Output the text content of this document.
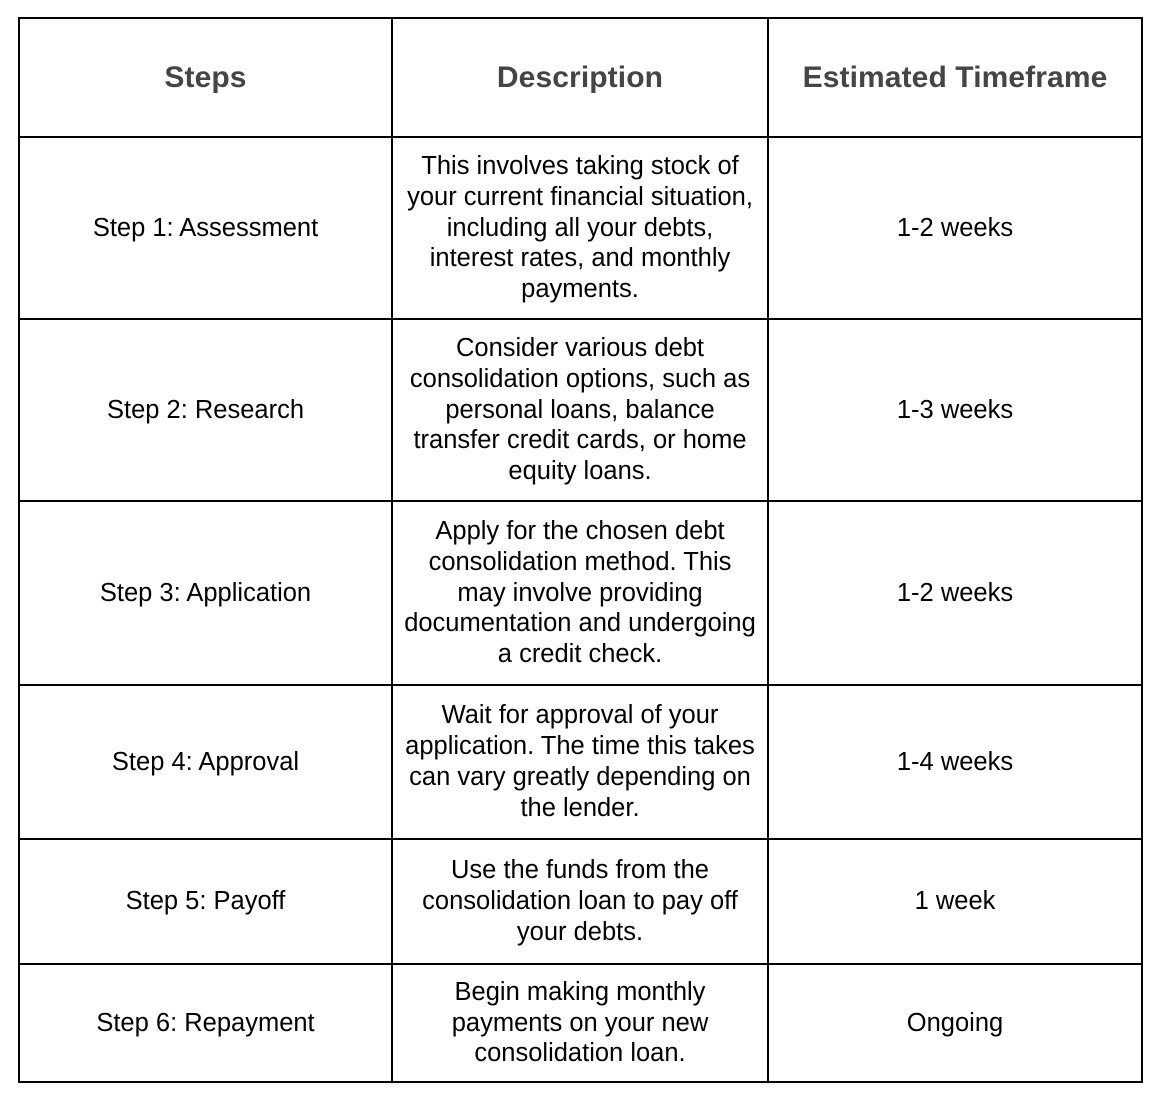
Steps	Description	Estimated Timeframe
Step 1: Assessment	This involves taking stock of your current financial situation, including all your debts, interest rates, and monthly payments.	1-2 weeks
Step 2: Research	Consider various debt consolidation options, such as personal loans, balance transfer credit cards, or home equity loans.	1-3 weeks
Step 3: Application	Apply for the chosen debt consolidation method. This may involve providing documentation and undergoing a credit check.	1-2 weeks
Step 4: Approval	Wait for approval of your application. The time this takes can vary greatly depending on the lender.	1-4 weeks
Step 5: Payoff	Use the funds from the consolidation loan to pay off your debts.	1 week
Step 6: Repayment	Begin making monthly payments on your new consolidation loan.	Ongoing
